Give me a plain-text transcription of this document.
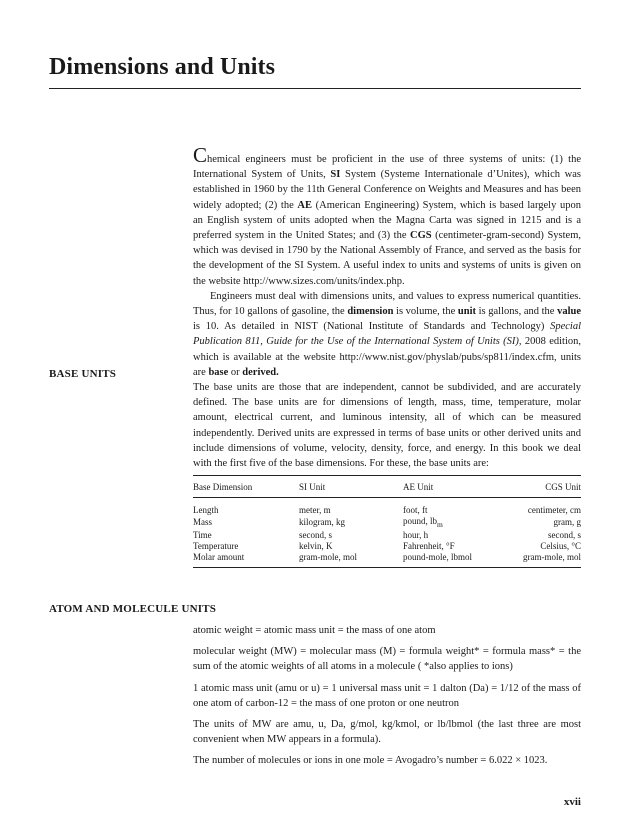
Dimensions and Units

Chemical engineers must be proficient in the use of three systems of units: (1) the International System of Units, SI System (Systeme Internationale d’Unites), which was established in 1960 by the 11th General Conference on Weights and Measures and has been widely adopted; (2) the AE (American Engineering) System, which is based largely upon an English system of units adopted when the Magna Carta was signed in 1215 and is a preferred system in the United States; and (3) the CGS (centimeter-gram-second) System, which was devised in 1790 by the National Assembly of France, and served as the basis for the development of the SI System. A useful index to units and systems of units is given on the website http://www.sizes.com/units/index.php.

Engineers must deal with dimensions units, and values to express numerical quantities. Thus, for 10 gallons of gasoline, the dimension is volume, the unit is gallons, and the value is 10. As detailed in NIST (National Institute of Standards and Technology) Special Publication 811, Guide for the Use of the International System of Units (SI), 2008 edition, which is available at the website http://www.nist.gov/physlab/pubs/sp811/index.cfm, units are base or derived.

BASE UNITS

The base units are those that are independent, cannot be subdivided, and are accurately defined. The base units are for dimensions of length, mass, time, temperature, molar amount, electrical current, and luminous intensity, all of which can be measured independently. Derived units are expressed in terms of base units or other derived units and include dimensions of volume, velocity, density, force, and energy. In this book we deal with the first five of the base dimensions. For these, the base units are:

Base Dimension	SI Unit	AE Unit	CGS Unit
Length	meter, m	foot, ft	centimeter, cm
Mass	kilogram, kg	pound, $lb_m$	gram, g
Time	second, s	hour, h	second, s
Temperature	kelvin, K	Fahrenheit, °F	Celsius, °C
Molar amount	gram-mole, mol	pound-mole, lbmol	gram-mole, mol
ATOM AND MOLECULE UNITS

atomic weight = atomic mass unit = the mass of one atom

molecular weight (MW) = molecular mass (M) = formula weight* = formula mass* = the sum of the atomic weights of all atoms in a molecule ( *also applies to ions)

1 atomic mass unit (amu or u) = 1 universal mass unit = 1 dalton (Da) = 1/12 of the mass of one atom of carbon-12 = the mass of one proton or one neutron

The units of MW are amu, u, Da, g/mol, kg/kmol, or lb/lbmol (the last three are most convenient when MW appears in a formula).

The number of molecules or ions in one mole = Avogadro’s number = 6.022 × 1023.

xvii
